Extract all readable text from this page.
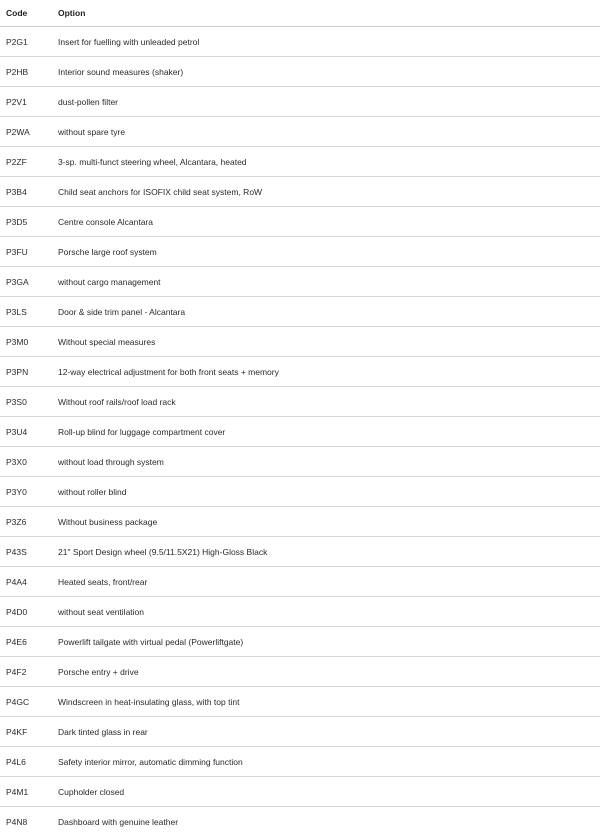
Code	Option
P2G1	Insert for fuelling with unleaded petrol
P2HB	Interior sound measures (shaker)
P2V1	dust-pollen filter
P2WA	without spare tyre
P2ZF	3-sp. multi-funct steering wheel, Alcantara, heated
P3B4	Child seat anchors for ISOFIX child seat system, RoW
P3D5	Centre console Alcantara
P3FU	Porsche large roof system
P3GA	without cargo management
P3LS	Door & side trim panel - Alcantara
P3M0	Without special measures
P3PN	12-way electrical adjustment for both front seats + memory
P3S0	Without roof rails/roof load rack
P3U4	Roll-up blind for luggage compartment cover
P3X0	without load through system
P3Y0	without roller blind
P3Z6	Without business package
P43S	21" Sport Design wheel (9.5/11.5X21) High-Gloss Black
P4A4	Heated seats, front/rear
P4D0	without seat ventilation
P4E6	Powerlift tailgate with virtual pedal (Powerliftgate)
P4F2	Porsche entry + drive
P4GC	Windscreen in heat-insulating glass, with top tint
P4KF	Dark tinted glass in rear
P4L6	Safety interior mirror, automatic dimming function
P4M1	Cupholder closed
P4N8	Dashboard with genuine leather
